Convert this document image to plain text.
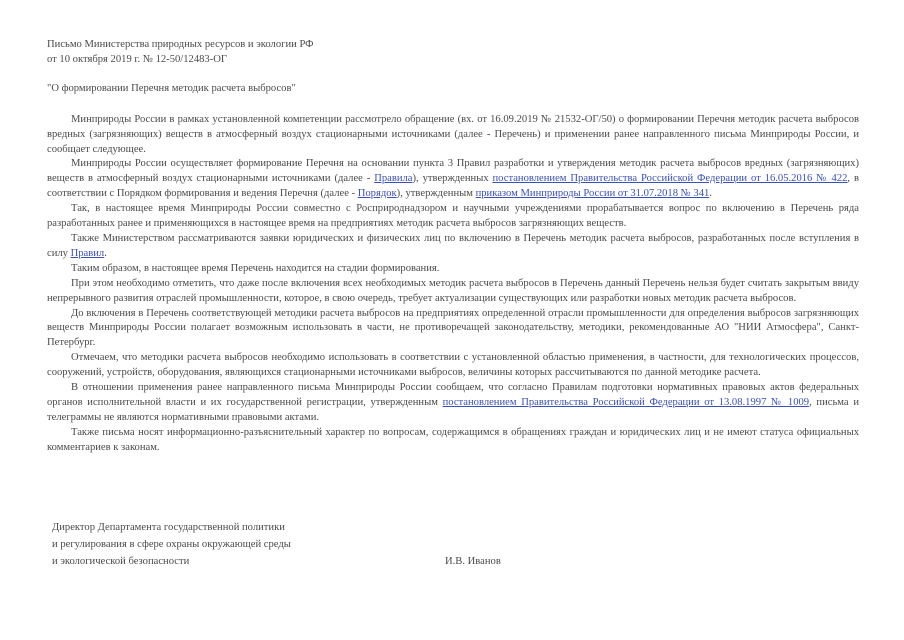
Письмо Министерства природных ресурсов и экологии РФ
от 10 октября 2019 г. № 12-50/12483-ОГ
"О формировании Перечня методик расчета выбросов"

Минприроды России в рамках установленной компетенции рассмотрело обращение (вх. от 16.09.2019 № 21532-ОГ/50) о формировании Перечня методик расчета выбросов вредных (загрязняющих) веществ в атмосферный воздух стационарными источниками (далее - Перечень) и применении ранее направленного письма Минприроды России, и сообщает следующее.

Минприроды России осуществляет формирование Перечня на основании пункта 3 Правил разработки и утверждения методик расчета выбросов вредных (загрязняющих) веществ в атмосферный воздух стационарными источниками (далее - Правила), утвержденных постановлением Правительства Российской Федерации от 16.05.2016 № 422, в соответствии с Порядком формирования и ведения Перечня (далее - Порядок), утвержденным приказом Минприроды России от 31.07.2018 № 341.

Так, в настоящее время Минприроды России совместно с Росприроднадзором и научными учреждениями прорабатывается вопрос по включению в Перечень ряда разработанных ранее и применяющихся в настоящее время на предприятиях методик расчета выбросов загрязняющих веществ.

Также Министерством рассматриваются заявки юридических и физических лиц по включению в Перечень методик расчета выбросов, разработанных после вступления в силу Правил.

Таким образом, в настоящее время Перечень находится на стадии формирования.

При этом необходимо отметить, что даже после включения всех необходимых методик расчета выбросов в Перечень данный Перечень нельзя будет считать закрытым ввиду непрерывного развития отраслей промышленности, которое, в свою очередь, требует актуализации существующих или разработки новых методик расчета выбросов.

До включения в Перечень соответствующей методики расчета выбросов на предприятиях определенной отрасли промышленности для определения выбросов загрязняющих веществ Минприроды России полагает возможным использовать в части, не противоречащей законодательству, методики, рекомендованные АО "НИИ Атмосфера", Санкт-Петербург.

Отмечаем, что методики расчета выбросов необходимо использовать в соответствии с установленной областью применения, в частности, для технологических процессов, сооружений, устройств, оборудования, являющихся стационарными источниками выбросов, величины которых рассчитываются по данной методике расчета.

В отношении применения ранее направленного письма Минприроды России сообщаем, что согласно Правилам подготовки нормативных правовых актов федеральных органов исполнительной власти и их государственной регистрации, утвержденным постановлением Правительства Российской Федерации от 13.08.1997 № 1009, письма и телеграммы не являются нормативными правовыми актами.

Также письма носят информационно-разъяснительный характер по вопросам, содержащимся в обращениях граждан и юридических лиц и не имеют статуса официальных комментариев к законам.

Директор Департамента государственной политики
и регулирования в сфере охраны окружающей среды
и экологической безопасности	И.В. Иванов
